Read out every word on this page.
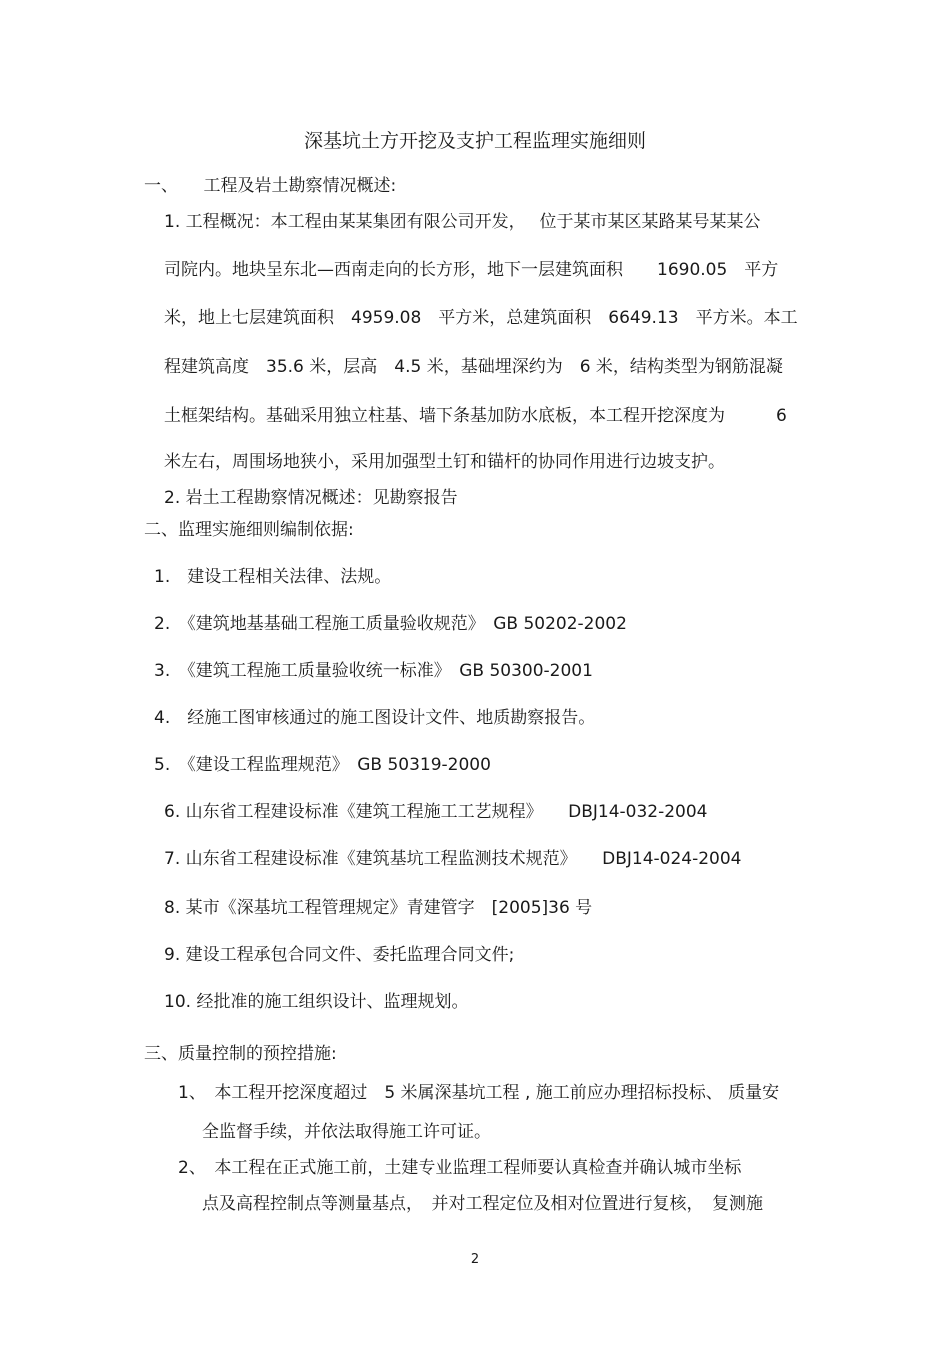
深基坑土方开挖及支护工程监理实施细则
一、　　工程及岩土勘察情况概述:
1. 工程概况：本工程由某某集团有限公司开发，　 位于某市某区某路某号某某公
司院内。地块呈东北—西南走向的长方形，地下一层建筑面积　　1690.05　平方
米，地上七层建筑面积　4959.08　平方米，总建筑面积　6649.13　平方米。本工
程建筑高度　35.6 米，层高　4.5 米，基础埋深约为　6 米，结构类型为钢筋混凝
土框架结构。基础采用独立柱基、墙下条基加防水底板，本工程开挖深度为　　　6
米左右，周围场地狭小，采用加强型土钉和锚杆的协同作用进行边坡支护。
2. 岩土工程勘察情况概述：见勘察报告
二、监理实施细则编制依据:
1.　建设工程相关法律、法规。
2.　《建筑地基基础工程施工质量验收规范》　GB 50202-2002
3.　《建筑工程施工质量验收统一标准》　GB 50300-2001
4.　经施工图审核通过的施工图设计文件、地质勘察报告。
5.　《建设工程监理规范》　GB 50319-2000
6. 山东省工程建设标准《建筑工程施工工艺规程》　　DBJ14-032-2004
7. 山东省工程建设标准《建筑基坑工程监测技术规范》　　DBJ14-024-2004
8. 某市《深基坑工程管理规定》青建管字　[2005]36 号
9. 建设工程承包合同文件、委托监理合同文件;
10. 经批准的施工组织设计、监理规划。
三、质量控制的预控措施:
1、　本工程开挖深度超过　5 米属深基坑工程 , 施工前应办理招标投标、 质量安
全监督手续，并依法取得施工许可证。
2、　本工程在正式施工前，土建专业监理工程师要认真检查并确认城市坐标
点及高程控制点等测量基点，　并对工程定位及相对位置进行复核，　复测施
2
